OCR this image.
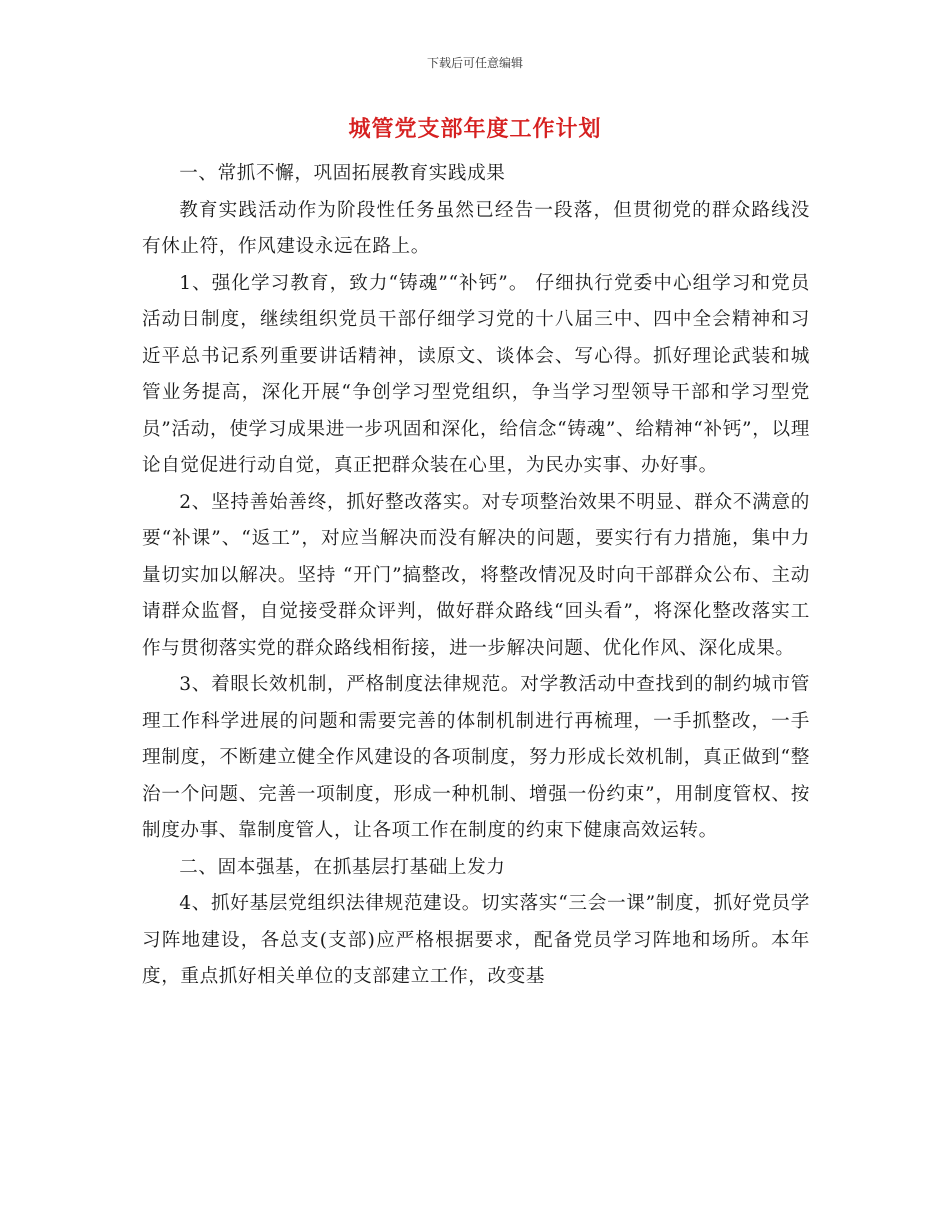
下载后可任意编辑
城管党支部年度工作计划

一、常抓不懈，巩固拓展教育实践成果

教育实践活动作为阶段性任务虽然已经告一段落，但贯彻党的群众路线没有休止符，作风建设永远在路上。

1、强化学习教育，致力“铸魂”“补钙”。 仔细执行党委中心组学习和党员活动日制度，继续组织党员干部仔细学习党的十八届三中、四中全会精神和习近平总书记系列重要讲话精神，读原文、谈体会、写心得。抓好理论武装和城管业务提高，深化开展“争创学习型党组织，争当学习型领导干部和学习型党员”活动，使学习成果进一步巩固和深化，给信念“铸魂”、给精神“补钙”，以理论自觉促进行动自觉，真正把群众装在心里，为民办实事、办好事。

2、坚持善始善终，抓好整改落实。对专项整治效果不明显、群众不满意的要“补课”、“返工”，对应当解决而没有解决的问题，要实行有力措施，集中力量切实加以解决。坚持 “开门”搞整改，将整改情况及时向干部群众公布、主动请群众监督，自觉接受群众评判，做好群众路线“回头看”，将深化整改落实工作与贯彻落实党的群众路线相衔接，进一步解决问题、优化作风、深化成果。

3、着眼长效机制，严格制度法律规范。对学教活动中查找到的制约城市管理工作科学进展的问题和需要完善的体制机制进行再梳理，一手抓整改，一手理制度，不断建立健全作风建设的各项制度，努力形成长效机制，真正做到“整治一个问题、完善一项制度，形成一种机制、增强一份约束”，用制度管权、按制度办事、靠制度管人，让各项工作在制度的约束下健康高效运转。

二、固本强基，在抓基层打基础上发力

4、抓好基层党组织法律规范建设。切实落实“三会一课”制度，抓好党员学习阵地建设，各总支(支部)应严格根据要求，配备党员学习阵地和场所。本年度，重点抓好相关单位的支部建立工作，改变基
